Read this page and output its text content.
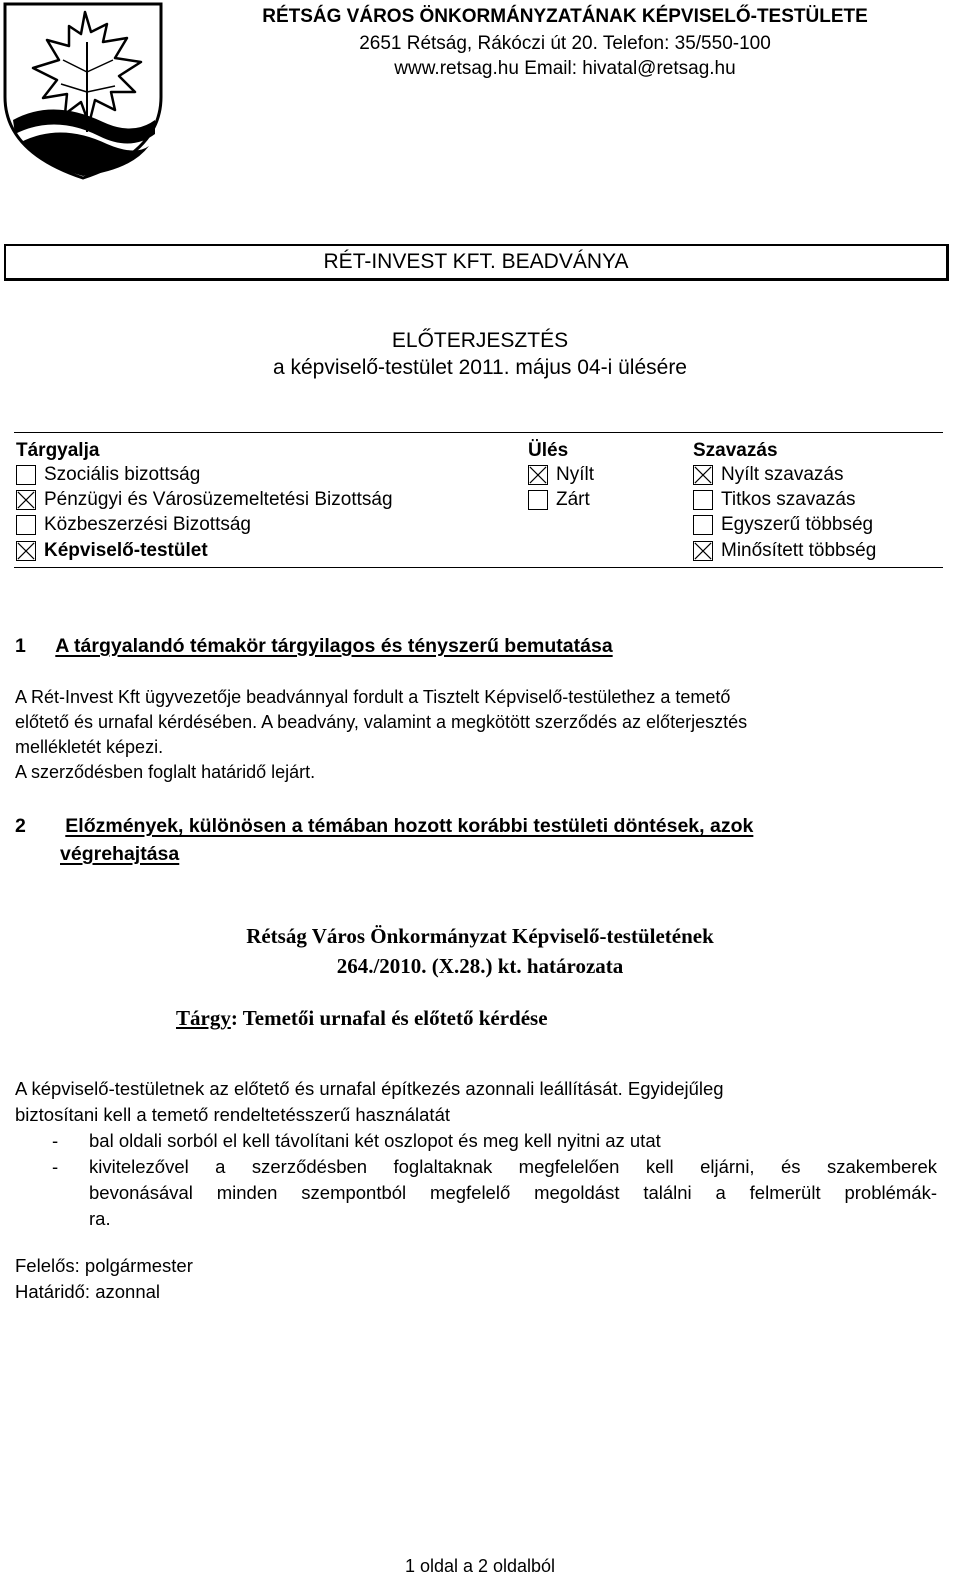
RÉTSÁG VÁROS ÖNKORMÁNYZATÁNAK KÉPVISELŐ-TESTÜLETE
2651 Rétság, Rákóczi út 20. Telefon: 35/550-100
www.retsag.hu Email: hivatal@retsag.hu
RÉT-INVEST KFT. BEADVÁNYA
ELŐTERJESZTÉS
a képviselő-testület 2011. május 04-i ülésére
Tárgyalja	Ülés	Szavazás
Szociális bizottság
Pénzügyi és Városüzemeltetési Bizottság
Közbeszerzési Bizottság
Képviselő-testület
Nyílt
Zárt
Nyílt szavazás
Titkos szavazás
Egyszerű többség
Minősített többség
1 A tárgyalandó témakör tárgyilagos és tényszerű bemutatása
A Rét-Invest Kft ügyvezetője beadvánnyal fordult a Tisztelt Képviselő-testülethez a temető
előtető és urnafal kérdésében. A beadvány, valamint a megkötött szerződés az előterjesztés
mellékletét képezi.
A szerződésben foglalt határidő lejárt.
2 Előzmények, különösen a témában hozott korábbi testületi döntések, azok
végrehajtása
Rétság Város Önkormányzat Képviselő-testületének
264./2010. (X.28.) kt. határozata
Tárgy: Temetői urnafal és előtető kérdése
A képviselő-testületnek az előtető és urnafal építkezés azonnali leállítását. Egyidejűleg
biztosítani kell a temető rendeltetésszerű használatát
- bal oldali sorból el kell távolítani két oszlopot és meg kell nyitni az utat
- kivitelezővel a szerződésben foglaltaknak megfelelően kell eljárni, és szakemberek
bevonásával minden szempontból megfelelő megoldást találni a felmerült problémák-
ra.
Felelős: polgármester
Határidő: azonnal
1 oldal a 2 oldalból
